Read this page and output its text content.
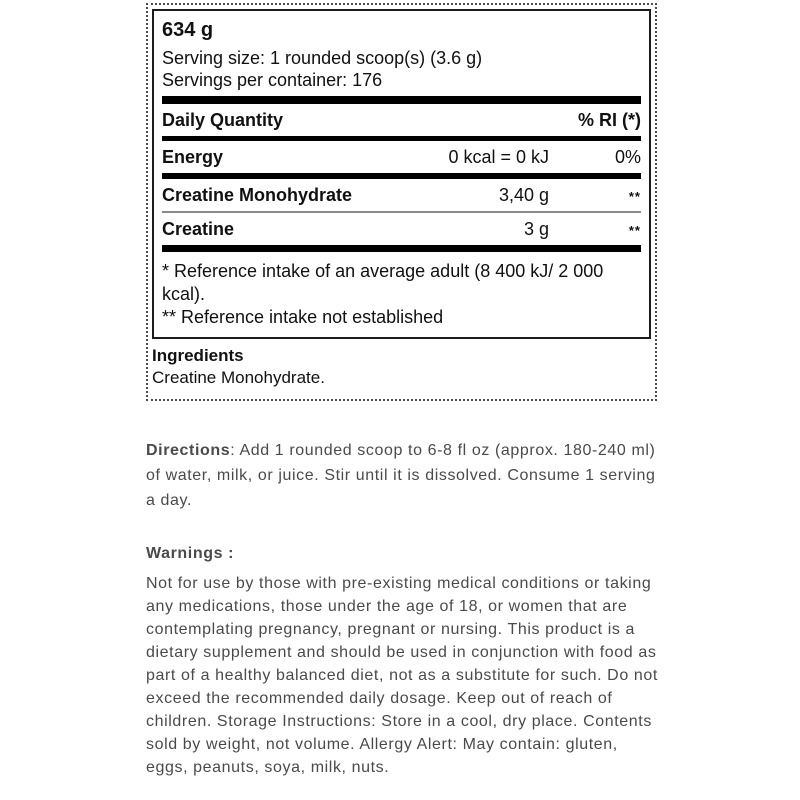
634 g
Serving size: 1 rounded scoop(s) (3.6 g)
Servings per container: 176
Daily Quantity	% RI (*)
Energy	0 kcal = 0 kJ	0%
Creatine Monohydrate	3,40 g	**
Creatine	3 g	**
* Reference intake of an average adult (8 400 kJ/ 2 000 kcal).
** Reference intake not established
Ingredients
Creatine Monohydrate.
Directions: Add 1 rounded scoop to 6-8 fl oz (approx. 180-240 ml) of water, milk, or juice. Stir until it is dissolved. Consume 1 serving a day.
Warnings :
Not for use by those with pre-existing medical conditions or taking any medications, those under the age of 18, or women that are contemplating pregnancy, pregnant or nursing. This product is a dietary supplement and should be used in conjunction with food as part of a healthy balanced diet, not as a substitute for such. Do not exceed the recommended daily dosage. Keep out of reach of children. Storage Instructions: Store in a cool, dry place. Contents sold by weight, not volume. Allergy Alert: May contain: gluten, eggs, peanuts, soya, milk, nuts.
